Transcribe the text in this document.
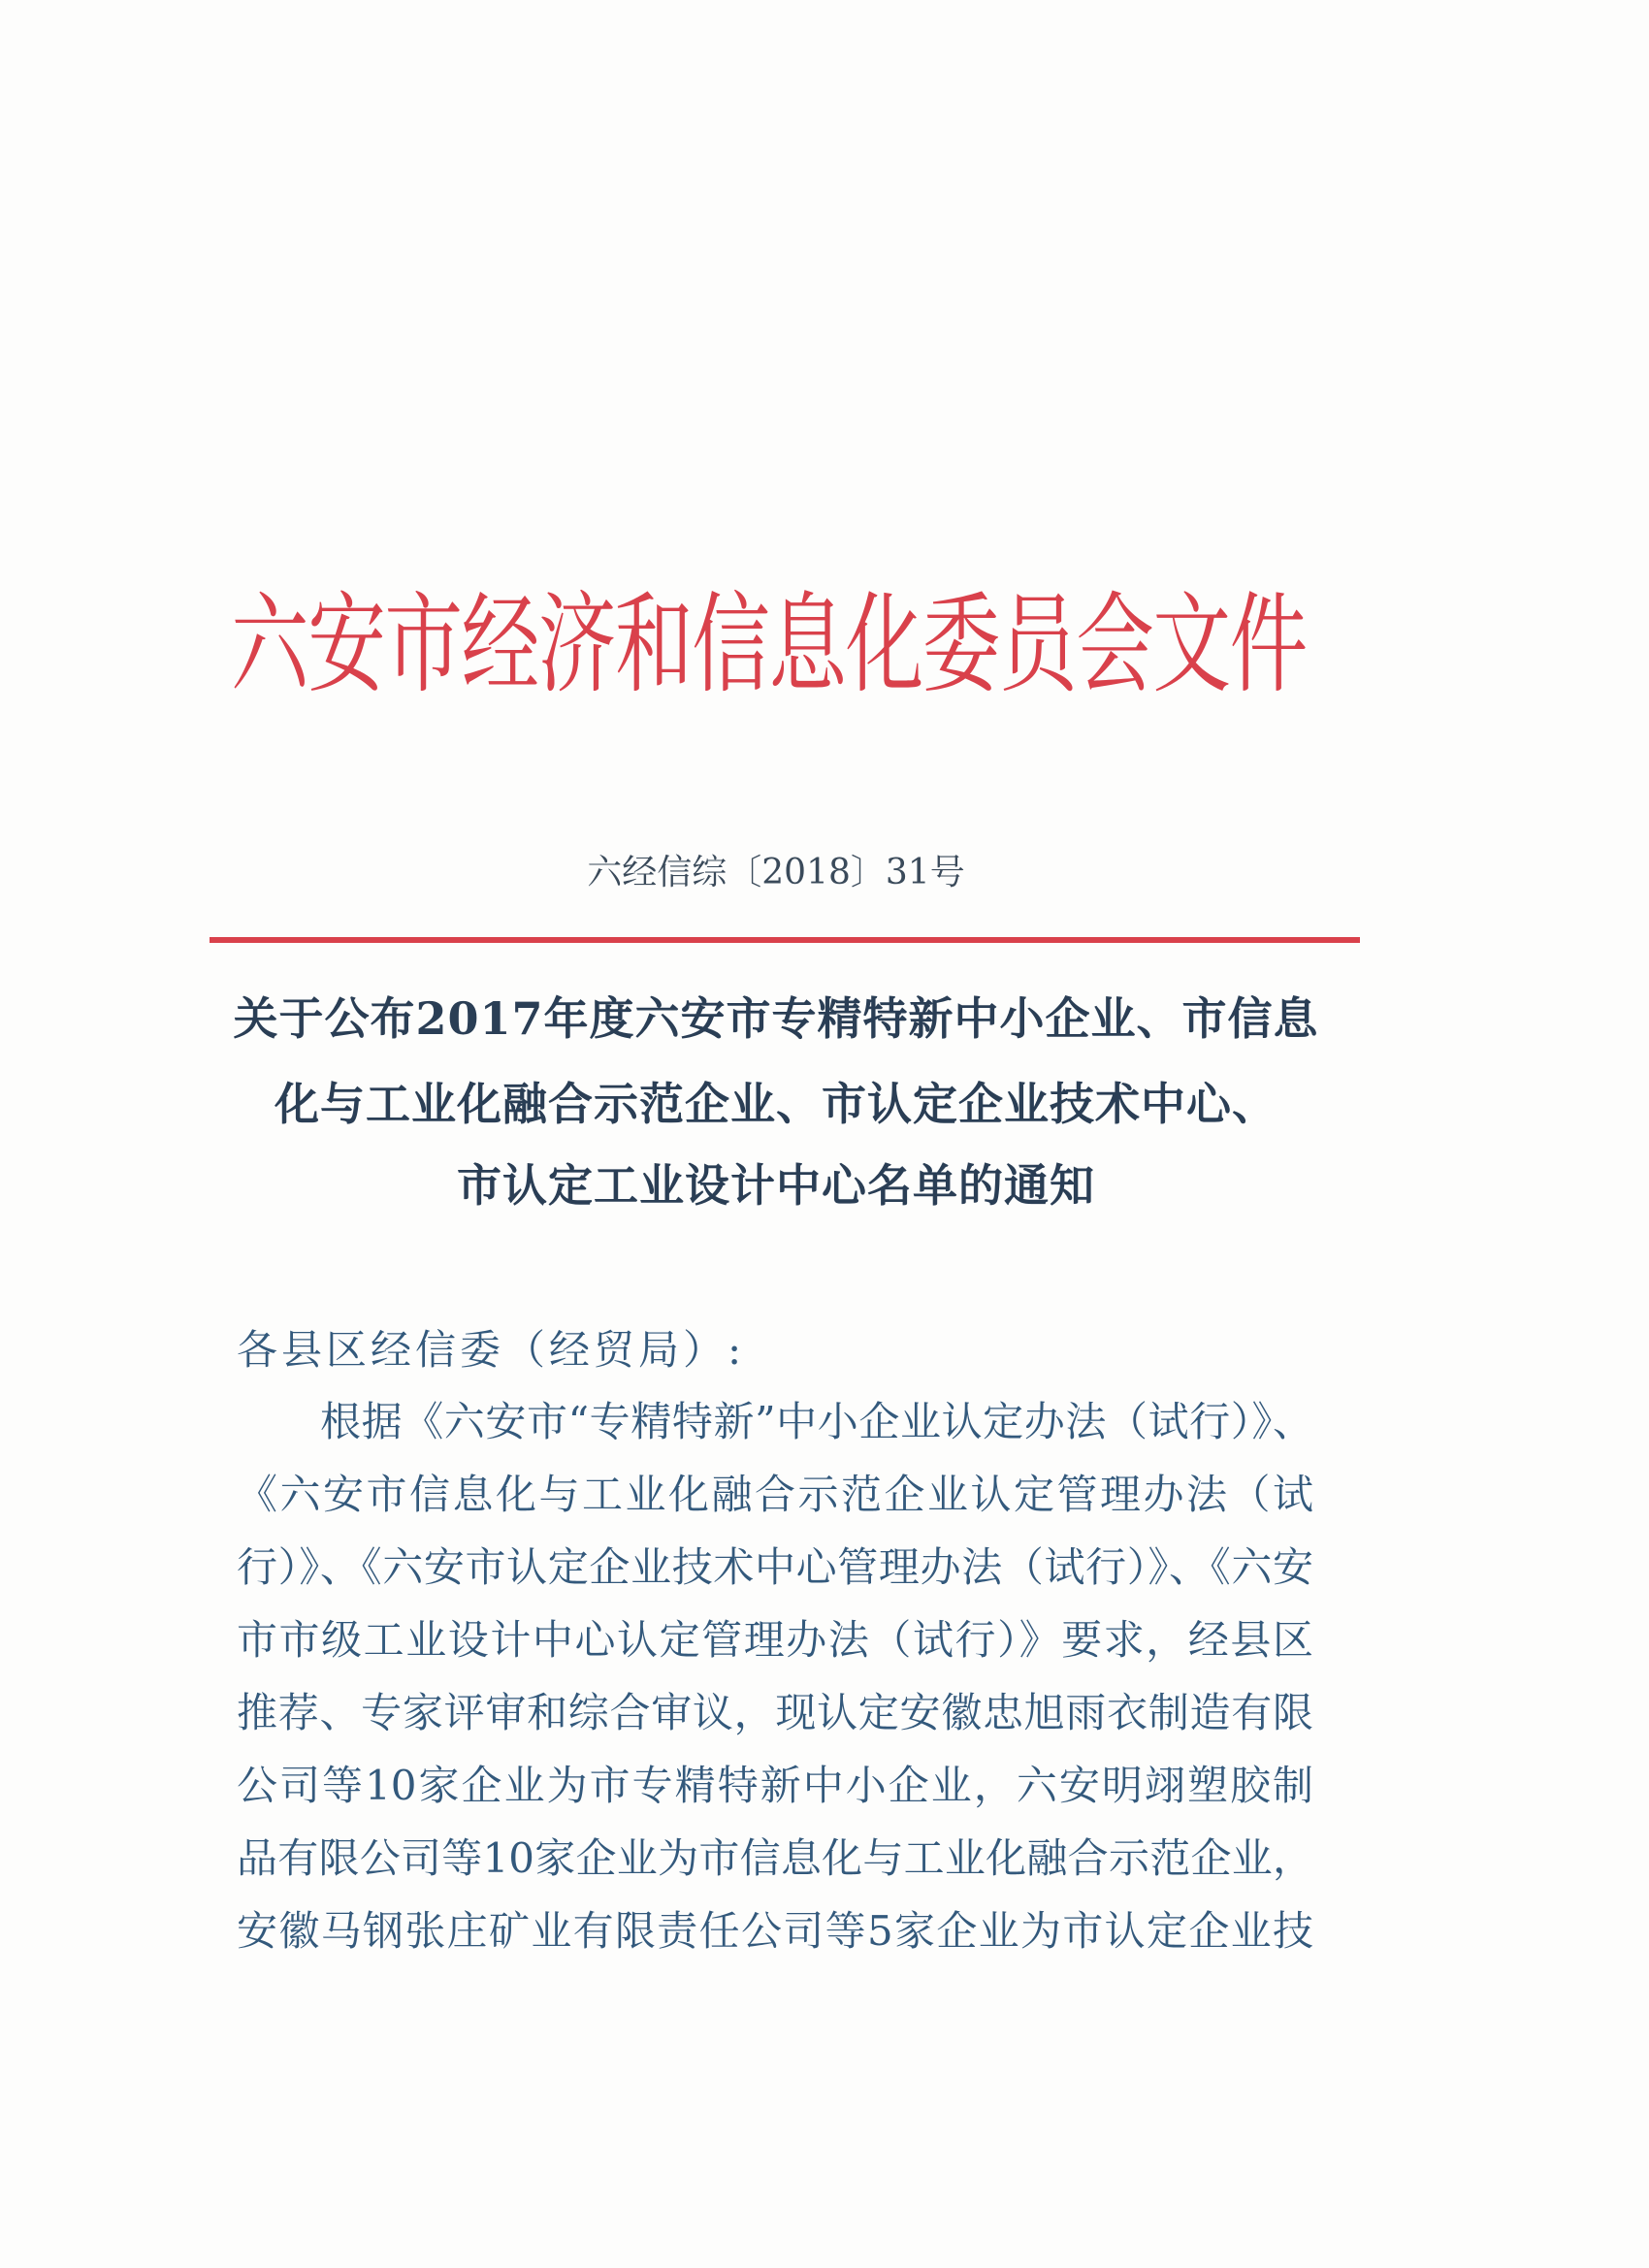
六安市经济和信息化委员会文件
六经信综〔2018〕31号
关于公布2017年度六安市专精特新中小企业、市信息
化与工业化融合示范企业、市认定企业技术中心、
市认定工业设计中心名单的通知
各县区经信委（经贸局）:
根据《六安市“专精特新”中小企业认定办法（试行）》、
《六安市信息化与工业化融合示范企业认定管理办法（试
行）》、《六安市认定企业技术中心管理办法（试行）》、《六安
市市级工业设计中心认定管理办法（试行）》要求，经县区
推荐、专家评审和综合审议，现认定安徽忠旭雨衣制造有限
公司等10家企业为市专精特新中小企业，六安明翊塑胶制
品有限公司等10家企业为市信息化与工业化融合示范企业，
安徽马钢张庄矿业有限责任公司等5家企业为市认定企业技
